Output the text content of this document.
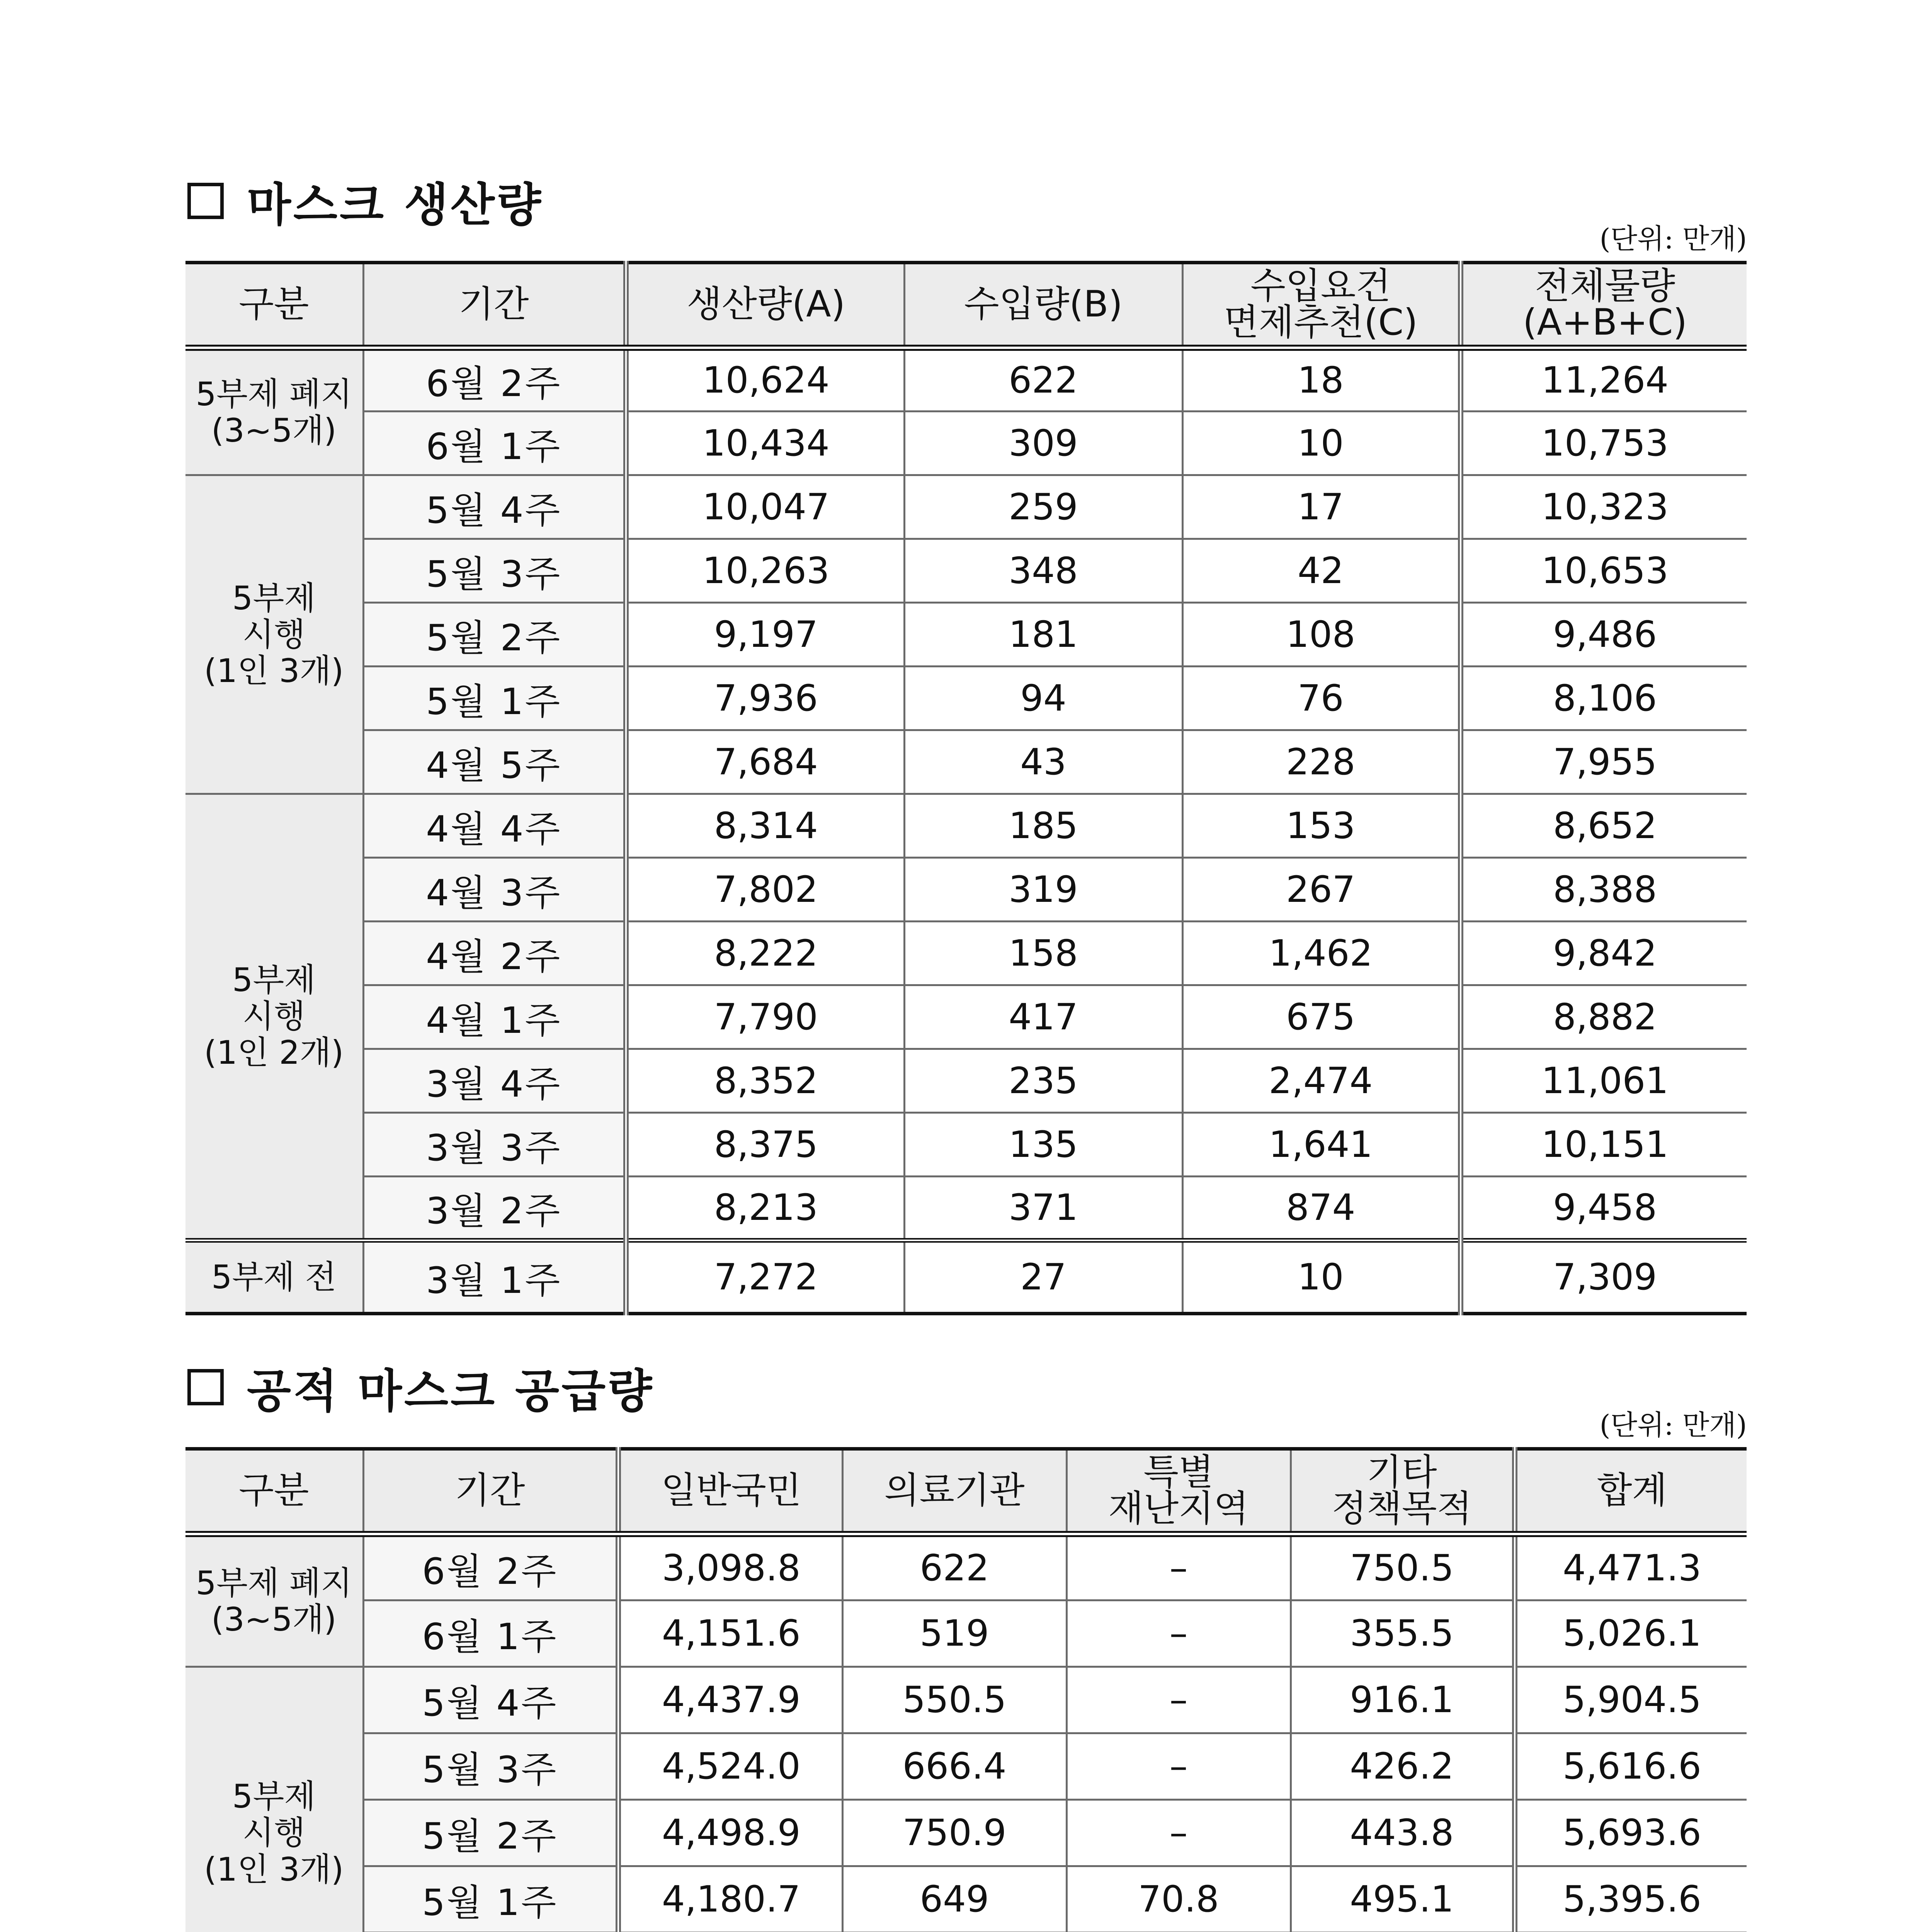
마스크 생산량
(단위: 만개)
구분	기간	생산량(A)	수입량(B)	수입요건
면제추천(C)	전체물량
(A+B+C)

5부제 폐지
(3~5개)	6월 2주	10,624	622	18	11,264
	6월 1주	10,434	309	10	10,753

5부제
시행
(1인 3개)	5월 4주	10,047	259	17	10,323
	5월 3주	10,263	348	42	10,653
	5월 2주	9,197	181	108	9,486
	5월 1주	7,936	94	76	8,106
	4월 5주	7,684	43	228	7,955

5부제
시행
(1인 2개)	4월 4주	8,314	185	153	8,652
	4월 3주	7,802	319	267	8,388
	4월 2주	8,222	158	1,462	9,842
	4월 1주	7,790	417	675	8,882
	3월 4주	8,352	235	2,474	11,061
	3월 3주	8,375	135	1,641	10,151
	3월 2주	8,213	371	874	9,458

5부제 전	3월 1주	7,272	27	10	7,309
공적 마스크 공급량
(단위: 만개)
구분	기간	일반국민	의료기관	특별
재난지역	기타
정책목적	합계

5부제 폐지
(3~5개)	6월 2주	3,098.8	622	–	750.5	4,471.3
	6월 1주	4,151.6	519	–	355.5	5,026.1

5부제
시행
(1인 3개)	5월 4주	4,437.9	550.5	–	916.1	5,904.5
	5월 3주	4,524.0	666.4	–	426.2	5,616.6
	5월 2주	4,498.9	750.9	–	443.8	5,693.6
	5월 1주	4,180.7	649	70.8	495.1	5,395.6
